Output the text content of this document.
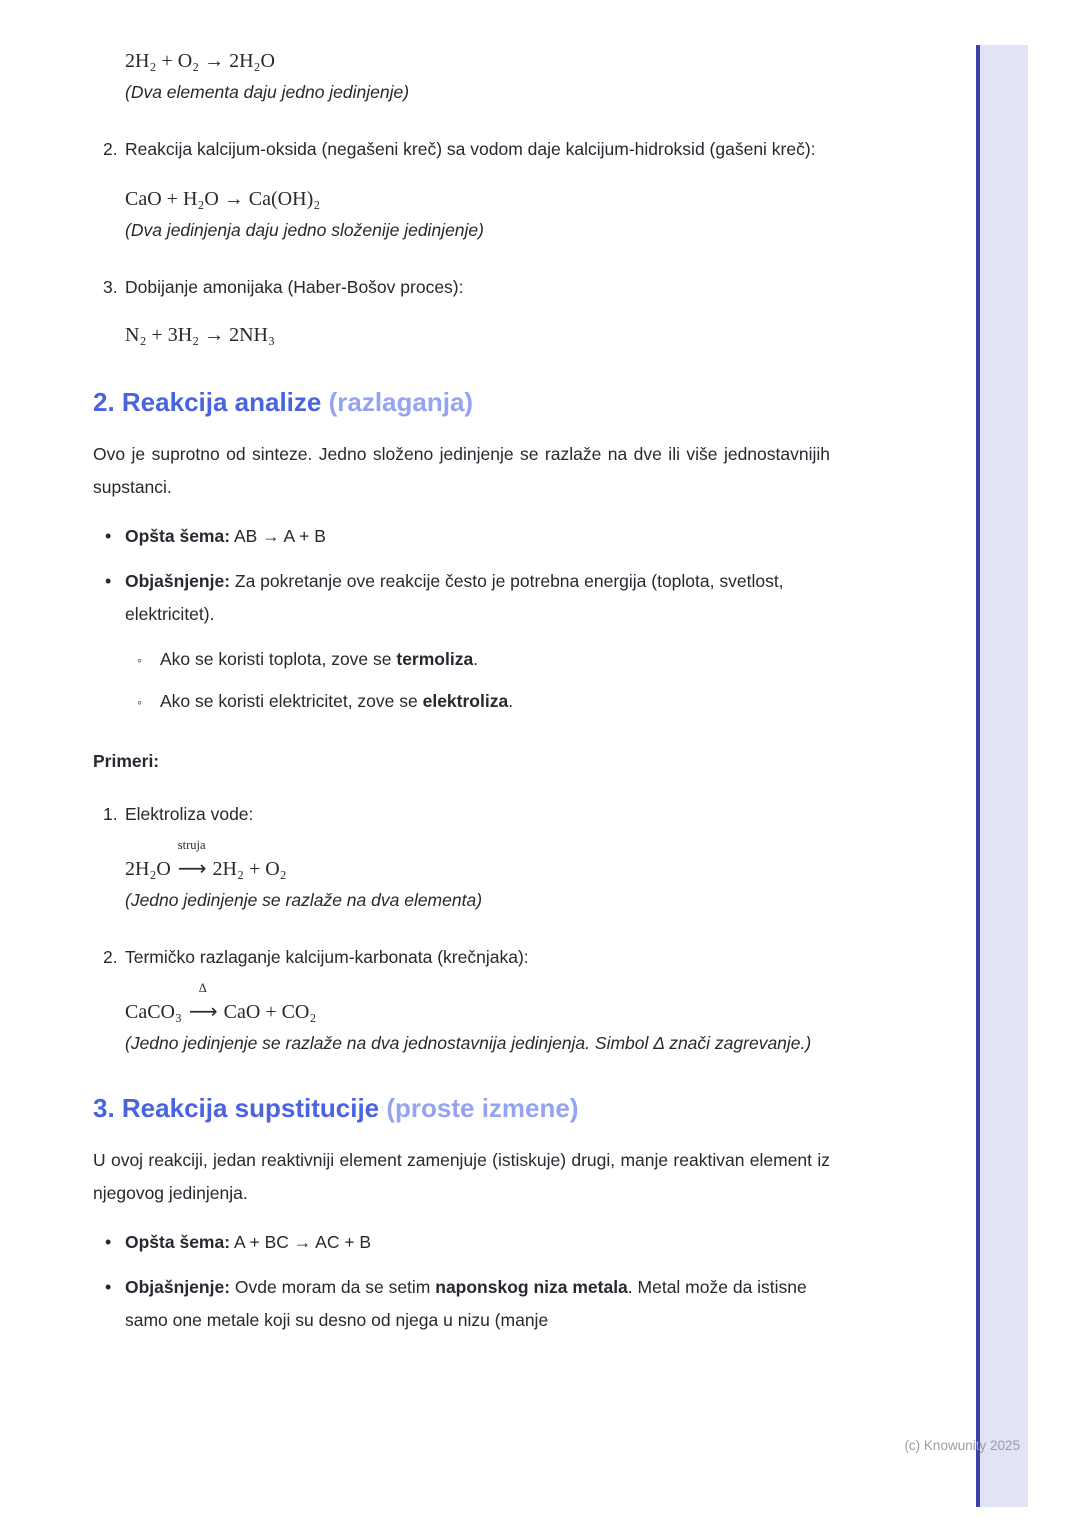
2H₂ + O₂ → 2H₂O
(Dva elementa daju jedno jedinjenje)
2. Reakcija kalcijum-oksida (negašeni kreč) sa vodom daje kalcijum-hidroksid (gašeni kreč):
CaO + H₂O → Ca(OH)₂
(Dva jedinjenja daju jedno složenije jedinjenje)
3. Dobijanje amonijaka (Haber-Bošov proces):
N₂ + 3H₂ → 2NH₃
2. Reakcija analize (razlaganja)
Ovo je suprotno od sinteze. Jedno složeno jedinjenje se razlaže na dve ili više jednostavnijih supstanci.
• Opšta šema: AB → A + B
• Objašnjenje: Za pokretanje ove reakcije često je potrebna energija (toplota, svetlost, elektricitet).
◦	Ako se koristi toplota, zove se termoliza.
◦	Ako se koristi elektricitet, zove se elektroliza.
Primeri:
1. Elektroliza vode:
2H₂O
struja
⟶ 2H₂ + O₂
(Jedno jedinjenje se razlaže na dva elementa)
2. Termičko razlaganje kalcijum-karbonata (krečnjaka):
CaCO₃
Δ
⟶ CaO + CO₂
(Jedno jedinjenje se razlaže na dva jednostavnija jedinjenja. Simbol Δ znači zagrevanje.)
3. Reakcija supstitucije (proste izmene)
U ovoj reakciji, jedan reaktivniji element zamenjuje (istiskuje) drugi, manje reaktivan element iz njegovog jedinjenja.
• Opšta šema: A + BC → AC + B
• Objašnjenje: Ovde moram da se setim naponskog niza metala. Metal može da istisne samo one metale koji su desno od njega u nizu (manje
(c) Knowunity 2025
